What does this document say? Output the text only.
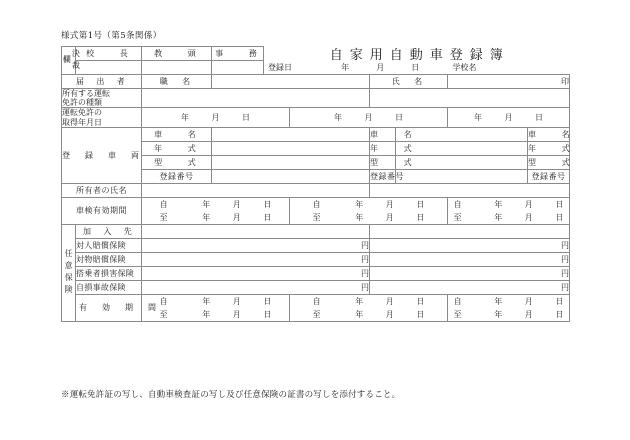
様式第1号（第5条関係）
決裁欄	校　　長	教　　頭	事　　務	自家用自動車登録簿
登録日 年 月 日 学校名						

届　出　者		職　名				氏　名		印		
所有する運転
免許の種類										
運転免許の
取得年月日		年 月 日			年 月 日			年 月 日		
登　録　車　両		車　　名				車　　名			車　　名	
		年　　式				年　　式			年　　式	
		型　　式				型　　式			型　　式	
		登録番号				登録番号			登録番号	
所有者の氏名										
車検有効期間		自 年 月 日			自 年 月 日			自 年 月 日		
		至 年 月 日			至 年 月 日			至 年 月 日		

任意保険	加　入　先									
	対人賠償保険	円				円				
	対物賠償保険	円				円				
	搭乗者損害保険	円				円				
	自損事故保険	円				円				
	有　効　期　間	自 年 月 日			自 年 月 日			自 年 月 日		
		至 年 月 日			至 年 月 日			至 年 月 日		
※運転免許証の写し、自動車検査証の写し及び任意保険の証書の写しを添付すること。
